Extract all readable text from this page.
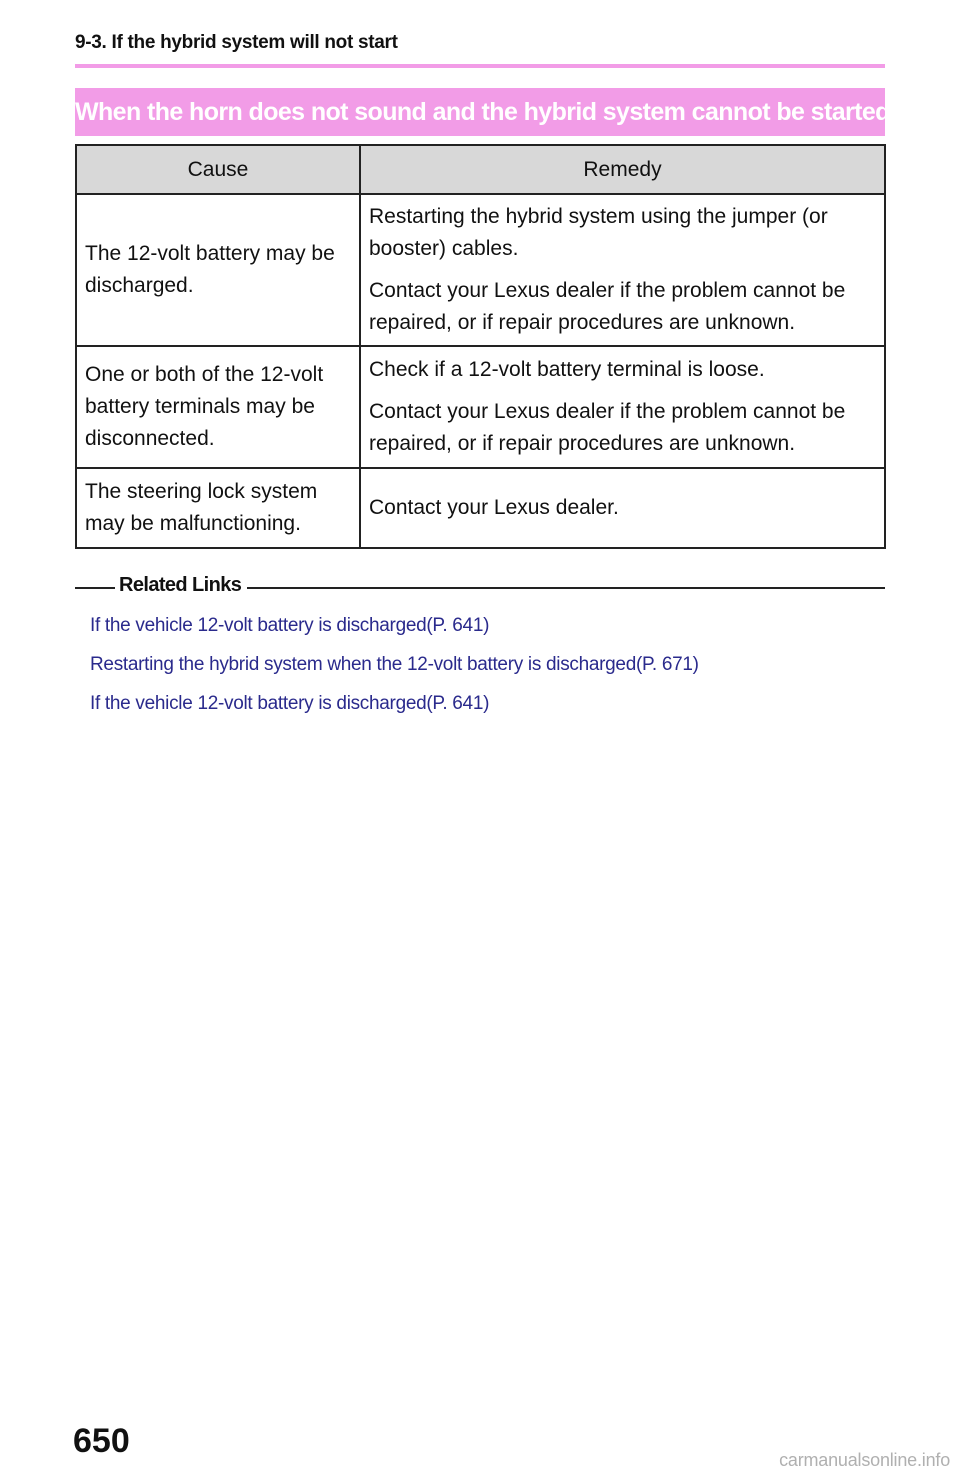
9-3. If the hybrid system will not start
When the horn does not sound and the hybrid system cannot be started
Cause	Remedy
The 12-volt battery may be discharged.	Restarting the hybrid system using the jumper (or booster) cables.

Contact your Lexus dealer if the problem cannot be repaired, or if repair procedures are unknown.

One or both of the 12-volt battery terminals may be disconnected.	Check if a 12-volt battery terminal is loose.

Contact your Lexus dealer if the problem cannot be repaired, or if repair procedures are unknown.

The steering lock system may be malfunctioning.	Contact your Lexus dealer.

Related Links
If the vehicle 12-volt battery is discharged(P. 641)
Restarting the hybrid system when the 12-volt battery is discharged(P. 671)
If the vehicle 12-volt battery is discharged(P. 641)
650	carmanualsonline.info
